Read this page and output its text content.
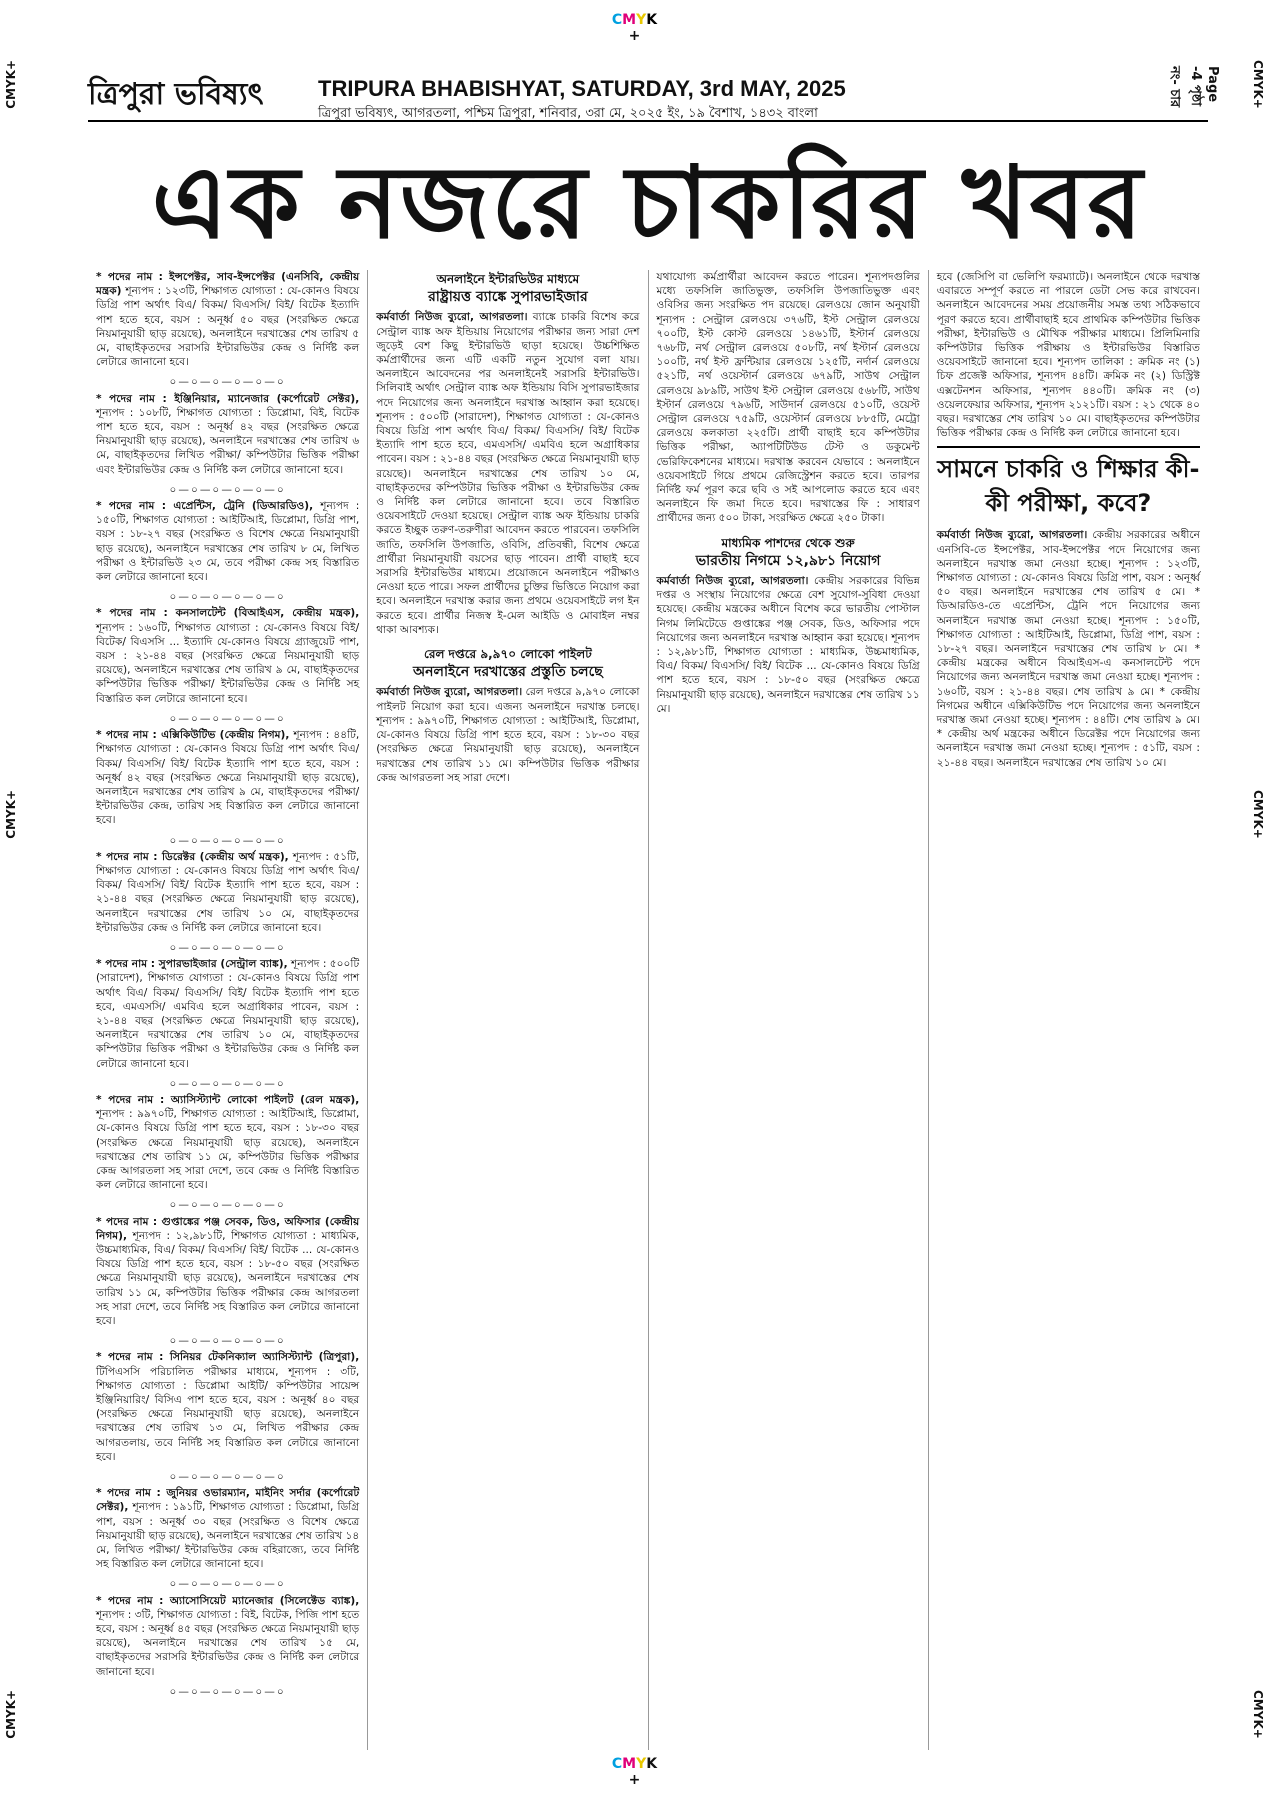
CMYK
+
CMYK+
CMYK+
CMYK+
CMYK+
CMYK+
CMYK+
ত্রিপুরা ভবিষ্যৎ TRIPURA BHABISHYAT, SATURDAY, 3rd MAY, 2025
ত্রিপুরা ভবিষ্যৎ, আগরতলা, পশ্চিম ত্রিপুরা, শনিবার, ৩রা মে, ২০২৫ ইং, ১৯ বৈশাখ, ১৪৩২ বাংলা
Page -4 পৃষ্ঠা নং- চার
এক নজরে চাকরির খবর
* পদের নাম : ইন্সপেক্টর, সাব-ইন্সপেক্টর (এনসিবি, কেন্দ্রীয় মন্ত্রক) শূন্যপদ : ১২৩টি, শিক্ষাগত যোগ্যতা : যে-কোনও বিষয়ে ডিগ্রি পাশ অর্থাৎ বিএ/ বিকম/ বিএসসি/ বিই/ বিটেক ইত্যাদি পাশ হতে হবে, বয়স : অনূর্ধ্ব ৫০ বছর (সংরক্ষিত ক্ষেত্রে নিয়মানুযায়ী ছাড় রয়েছে), অনলাইনে দরখাস্তের শেষ তারিখ ৫ মে, বাছাইকৃতদের সরাসরি ইন্টারভিউর কেন্দ্র ও নির্দিষ্ট কল লেটারে জানানো হবে।
০—০—০—০—০—০
* পদের নাম : ইঞ্জিনিয়ার, ম্যানেজার (কর্পোরেট সেক্টর), শূন্যপদ : ১০৮টি, শিক্ষাগত যোগ্যতা : ডিপ্লোমা, বিই, বিটেক পাশ হতে হবে, বয়স : অনূর্ধ্ব ৪২ বছর (সংরক্ষিত ক্ষেত্রে নিয়মানুযায়ী ছাড় রয়েছে), অনলাইনে দরখাস্তের শেষ তারিখ ৬ মে, বাছাইকৃতদের লিখিত পরীক্ষা/ কম্পিউটার ভিত্তিক পরীক্ষা এবং ইন্টারভিউর কেন্দ্র ও নির্দিষ্ট কল লেটারে জানানো হবে।
০—০—০—০—০—০
* পদের নাম : এপ্রেন্টিস, ট্রেনি (ডিআরডিও), শূন্যপদ : ১৫০টি, শিক্ষাগত যোগ্যতা : আইটিআই, ডিপ্লোমা, ডিগ্রি পাশ, বয়স : ১৮-২৭ বছর (সংরক্ষিত ও বিশেষ ক্ষেত্রে নিয়মানুযায়ী ছাড় রয়েছে), অনলাইনে দরখাস্তের শেষ তারিখ ৮ মে, লিখিত পরীক্ষা ও ইন্টারভিউ ২৩ মে, তবে পরীক্ষা কেন্দ্র সহ বিস্তারিত কল লেটারে জানানো হবে।
০—০—০—০—০—০
* পদের নাম : কনসালটেন্ট (বিআইএস, কেন্দ্রীয় মন্ত্রক), শূন্যপদ : ১৬০টি, শিক্ষাগত যোগ্যতা : যে-কোনও বিষয়ে বিই/ বিটেক/ বিএসসি ... ইত্যাদি যে-কোনও বিষয়ে গ্র্যাজুয়েট পাশ, বয়স : ২১-৪৪ বছর (সংরক্ষিত ক্ষেত্রে নিয়মানুযায়ী ছাড় রয়েছে), অনলাইনে দরখাস্তের শেষ তারিখ ৯ মে, বাছাইকৃতদের কম্পিউটার ভিত্তিক পরীক্ষা/ ইন্টারভিউর কেন্দ্র ও নির্দিষ্ট সহ বিস্তারিত কল লেটারে জানানো হবে।
০—০—০—০—০—০
* পদের নাম : এক্সিকিউটিভ (কেন্দ্রীয় নিগম), শূন্যপদ : ৪৪টি, শিক্ষাগত যোগ্যতা : যে-কোনও বিষয়ে ডিগ্রি পাশ অর্থাৎ বিএ/ বিকম/ বিএসসি/ বিই/ বিটেক ইত্যাদি পাশ হতে হবে, বয়স : অনূর্ধ্ব ৪২ বছর (সংরক্ষিত ক্ষেত্রে নিয়মানুযায়ী ছাড় রয়েছে), অনলাইনে দরখাস্তের শেষ তারিখ ৯ মে, বাছাইকৃতদের পরীক্ষা/ ইন্টারভিউর কেন্দ্র, তারিখ সহ বিস্তারিত কল লেটারে জানানো হবে।
০—০—০—০—০—০
* পদের নাম : ডিরেক্টর (কেন্দ্রীয় অর্থ মন্ত্রক), শূন্যপদ : ৫১টি, শিক্ষাগত যোগ্যতা : যে-কোনও বিষয়ে ডিগ্রি পাশ অর্থাৎ বিএ/ বিকম/ বিএসসি/ বিই/ বিটেক ইত্যাদি পাশ হতে হবে, বয়স : ২১-৪৪ বছর (সংরক্ষিত ক্ষেত্রে নিয়মানুযায়ী ছাড় রয়েছে), অনলাইনে দরখাস্তের শেষ তারিখ ১০ মে, বাছাইকৃতদের ইন্টারভিউর কেন্দ্র ও নির্দিষ্ট কল লেটারে জানানো হবে।
০—০—০—০—০—০
* পদের নাম : সুপারভাইজার (সেন্ট্রাল ব্যাঙ্ক), শূন্যপদ : ৫০০টি (সারাদেশ), শিক্ষাগত যোগ্যতা : যে-কোনও বিষয়ে ডিগ্রি পাশ অর্থাৎ বিএ/ বিকম/ বিএসসি/ বিই/ বিটেক ইত্যাদি পাশ হতে হবে, এমএসসি/ এমবিএ হলে অগ্রাধিকার পাবেন, বয়স : ২১-৪৪ বছর (সংরক্ষিত ক্ষেত্রে নিয়মানুযায়ী ছাড় রয়েছে), অনলাইনে দরখাস্তের শেষ তারিখ ১০ মে, বাছাইকৃতদের কম্পিউটার ভিত্তিক পরীক্ষা ও ইন্টারভিউর কেন্দ্র ও নির্দিষ্ট কল লেটারে জানানো হবে।
০—০—০—০—০—০
* পদের নাম : অ্যাসিস্ট্যান্ট লোকো পাইলট (রেল মন্ত্রক), শূন্যপদ : ৯৯৭০টি, শিক্ষাগত যোগ্যতা : আইটিআই, ডিপ্লোমা, যে-কোনও বিষয়ে ডিগ্রি পাশ হতে হবে, বয়স : ১৮-৩০ বছর (সংরক্ষিত ক্ষেত্রে নিয়মানুযায়ী ছাড় রয়েছে), অনলাইনে দরখাস্তের শেষ তারিখ ১১ মে, কম্পিউটার ভিত্তিক পরীক্ষার কেন্দ্র আগরতলা সহ সারা দেশে, তবে কেন্দ্র ও নির্দিষ্ট বিস্তারিত কল লেটারে জানানো হবে।
০—০—০—০—০—০
* পদের নাম : গুপ্তাঙ্কের পঞ্জ সেবক, ডিও, অফিসার (কেন্দ্রীয় নিগম), শূন্যপদ : ১২,৯৮১টি, শিক্ষাগত যোগ্যতা : মাধ্যমিক, উচ্চমাধ্যমিক, বিএ/ বিকম/ বিএসসি/ বিই/ বিটেক ... যে-কোনও বিষয়ে ডিগ্রি পাশ হতে হবে, বয়স : ১৮-৫০ বছর (সংরক্ষিত ক্ষেত্রে নিয়মানুযায়ী ছাড় রয়েছে), অনলাইনে দরখাস্তের শেষ তারিখ ১১ মে, কম্পিউটার ভিত্তিক পরীক্ষার কেন্দ্র আগরতলা সহ সারা দেশে, তবে নির্দিষ্ট সহ বিস্তারিত কল লেটারে জানানো হবে।
০—০—০—০—০—০
* পদের নাম : সিনিয়র টেকনিক্যাল অ্যাসিস্ট্যান্ট (ত্রিপুরা), টিপিএসসি পরিচালিত পরীক্ষার মাধ্যমে, শূন্যপদ : ৩টি, শিক্ষাগত যোগ্যতা : ডিপ্লোমা আইটি/ কম্পিউটার সায়েন্স ইঞ্জিনিয়ারিং/ বিসিএ পাশ হতে হবে, বয়স : অনূর্ধ্ব ৪০ বছর (সংরক্ষিত ক্ষেত্রে নিয়মানুযায়ী ছাড় রয়েছে), অনলাইনে দরখাস্তের শেষ তারিখ ১৩ মে, লিখিত পরীক্ষার কেন্দ্র আগরতলায়, তবে নির্দিষ্ট সহ বিস্তারিত কল লেটারে জানানো হবে।
০—০—০—০—০—০
* পদের নাম : জুনিয়র ওভারম্যান, মাইনিং সর্দার (কর্পোরেট সেক্টর), শূন্যপদ : ১৯১টি, শিক্ষাগত যোগ্যতা : ডিপ্লোমা, ডিগ্রি পাশ, বয়স : অনূর্ধ্ব ৩০ বছর (সংরক্ষিত ও বিশেষ ক্ষেত্রে নিয়মানুযায়ী ছাড় রয়েছে), অনলাইনে দরখাস্তের শেষ তারিখ ১৪ মে, লিখিত পরীক্ষা/ ইন্টারভিউর কেন্দ্র বহিরাজ্যে, তবে নির্দিষ্ট সহ বিস্তারিত কল লেটারে জানানো হবে।
০—০—০—০—০—০
* পদের নাম : অ্যাসোসিয়েট ম্যানেজার (সিলেক্টেড ব্যাঙ্ক), শূন্যপদ : ৩টি, শিক্ষাগত যোগ্যতা : বিই, বিটেক, পিজি পাশ হতে হবে, বয়স : অনূর্ধ্ব ৪৫ বছর (সংরক্ষিত ক্ষেত্রে নিয়মানুযায়ী ছাড় রয়েছে), অনলাইনে দরখাস্তের শেষ তারিখ ১৫ মে, বাছাইকৃতদের সরাসরি ইন্টারভিউর কেন্দ্র ও নির্দিষ্ট কল লেটারে জানানো হবে।
০—০—০—০—০—০
অনলাইনে ইন্টারভিউর মাধ্যমে
রাষ্ট্রায়ত্ত ব্যাঙ্কে সুপারভাইজার

কর্মবার্তা নিউজ ব্যুরো, আগরতলা। ব্যাঙ্কে চাকরি বিশেষ করে সেন্ট্রাল ব্যাঙ্ক অফ ইন্ডিয়ায় নিয়োগের পরীক্ষার জন্য সারা দেশ জুড়েই বেশ কিছু ইন্টারভিউ ছাড়া হয়েছে। উচ্চশিক্ষিত কর্মপ্রার্থীদের জন্য এটি একটি নতুন সুযোগ বলা যায়। অনলাইনে আবেদনের পর অনলাইনেই সরাসরি ইন্টারভিউ। সিলিবাই অর্থাৎ সেন্ট্রাল ব্যাঙ্ক অফ ইন্ডিয়ায় বিসি সুপারভাইজার পদে নিয়োগের জন্য অনলাইনে দরখাস্ত আহ্বান করা হয়েছে। শূন্যপদ : ৫০০টি (সারাদেশ), শিক্ষাগত যোগ্যতা : যে-কোনও বিষয়ে ডিগ্রি পাশ অর্থাৎ বিএ/ বিকম/ বিএসসি/ বিই/ বিটেক ইত্যাদি পাশ হতে হবে, এমএসসি/ এমবিএ হলে অগ্রাধিকার পাবেন। বয়স : ২১-৪৪ বছর (সংরক্ষিত ক্ষেত্রে নিয়মানুযায়ী ছাড় রয়েছে)। অনলাইনে দরখাস্তের শেষ তারিখ ১০ মে, বাছাইকৃতদের কম্পিউটার ভিত্তিক পরীক্ষা ও ইন্টারভিউর কেন্দ্র ও নির্দিষ্ট কল লেটারে জানানো হবে। তবে বিস্তারিত ওয়েবসাইটে দেওয়া হয়েছে। সেন্ট্রাল ব্যাঙ্ক অফ ইন্ডিয়ায় চাকরি করতে ইচ্ছুক তরুণ-তরুণীরা আবেদন করতে পারবেন। তফসিলি জাতি, তফসিলি উপজাতি, ওবিসি, প্রতিবন্ধী, বিশেষ ক্ষেত্রে প্রার্থীরা নিয়মানুযায়ী বয়সের ছাড় পাবেন। প্রার্থী বাছাই হবে সরাসরি ইন্টারভিউর মাধ্যমে। প্রয়োজনে অনলাইনে পরীক্ষাও নেওয়া হতে পারে। সফল প্রার্থীদের চুক্তির ভিত্তিতে নিয়োগ করা হবে। অনলাইনে দরখাস্ত করার জন্য প্রথমে ওয়েবসাইটে লগ ইন করতে হবে। প্রার্থীর নিজস্ব ই-মেল আইডি ও মোবাইল নম্বর থাকা আবশ্যক।

রেল দপ্তরে ৯,৯৭০ লোকো পাইলট
অনলাইনে দরখাস্তের প্রস্তুতি চলছে

কর্মবার্তা নিউজ ব্যুরো, আগরতলা। রেল দপ্তরে ৯,৯৭০ লোকো পাইলট নিয়োগ করা হবে। এজন্য অনলাইনে দরখাস্ত চলছে। শূন্যপদ : ৯৯৭০টি, শিক্ষাগত যোগ্যতা : আইটিআই, ডিপ্লোমা, যে-কোনও বিষয়ে ডিগ্রি পাশ হতে হবে, বয়স : ১৮-৩০ বছর (সংরক্ষিত ক্ষেত্রে নিয়মানুযায়ী ছাড় রয়েছে), অনলাইনে দরখাস্তের শেষ তারিখ ১১ মে। কম্পিউটার ভিত্তিক পরীক্ষার কেন্দ্র আগরতলা সহ সারা দেশে।

যথাযোগ্য কর্মপ্রার্থীরা আবেদন করতে পারেন। শূন্যপদগুলির মধ্যে তফসিলি জাতিভুক্ত, তফসিলি উপজাতিভুক্ত এবং ওবিসির জন্য সংরক্ষিত পদ রয়েছে। রেলওয়ে জোন অনুযায়ী শূন্যপদ : সেন্ট্রাল রেলওয়ে ৩৭৬টি, ইস্ট সেন্ট্রাল রেলওয়ে ৭০০টি, ইস্ট কোস্ট রেলওয়ে ১৪৬১টি, ইস্টার্ন রেলওয়ে ৭৬৮টি, নর্থ সেন্ট্রাল রেলওয়ে ৫০৮টি, নর্থ ইস্টার্ন রেলওয়ে ১০০টি, নর্থ ইস্ট ফ্রন্টিয়ার রেলওয়ে ১২৫টি, নর্দার্ন রেলওয়ে ৫২১টি, নর্থ ওয়েস্টার্ন রেলওয়ে ৬৭৯টি, সাউথ সেন্ট্রাল রেলওয়ে ৯৮৯টি, সাউথ ইস্ট সেন্ট্রাল রেলওয়ে ৫৬৮টি, সাউথ ইস্টার্ন রেলওয়ে ৭৯৬টি, সাউদার্ন রেলওয়ে ৫১০টি, ওয়েস্ট সেন্ট্রাল রেলওয়ে ৭৫৯টি, ওয়েস্টার্ন রেলওয়ে ৮৮৫টি, মেট্রো রেলওয়ে কলকাতা ২২৫টি। প্রার্থী বাছাই হবে কম্পিউটার ভিত্তিক পরীক্ষা, অ্যাপটিটিউড টেস্ট ও ডকুমেন্ট ভেরিফিকেশনের মাধ্যমে। দরখাস্ত করবেন যেভাবে : অনলাইনে ওয়েবসাইটে গিয়ে প্রথমে রেজিস্ট্রেশন করতে হবে। তারপর নির্দিষ্ট ফর্ম পূরণ করে ছবি ও সই আপলোড করতে হবে এবং অনলাইনে ফি জমা দিতে হবে। দরখাস্তের ফি : সাধারণ প্রার্থীদের জন্য ৫০০ টাকা, সংরক্ষিত ক্ষেত্রে ২৫০ টাকা।

মাধ্যমিক পাশদের থেকে শুরু
ভারতীয় নিগমে ১২,৯৮১ নিয়োগ

কর্মবার্তা নিউজ ব্যুরো, আগরতলা। কেন্দ্রীয় সরকারের বিভিন্ন দপ্তর ও সংস্থায় নিয়োগের ক্ষেত্রে বেশ সুযোগ-সুবিধা দেওয়া হয়েছে। কেন্দ্রীয় মন্ত্রকের অধীনে বিশেষ করে ভারতীয় পোস্টাল নিগম লিমিটেডে গুপ্তাঙ্কের পঞ্জ সেবক, ডিও, অফিসার পদে নিয়োগের জন্য অনলাইনে দরখাস্ত আহ্বান করা হয়েছে। শূন্যপদ : ১২,৯৮১টি, শিক্ষাগত যোগ্যতা : মাধ্যমিক, উচ্চমাধ্যমিক, বিএ/ বিকম/ বিএসসি/ বিই/ বিটেক ... যে-কোনও বিষয়ে ডিগ্রি পাশ হতে হবে, বয়স : ১৮-৫০ বছর (সংরক্ষিত ক্ষেত্রে নিয়মানুযায়ী ছাড় রয়েছে), অনলাইনে দরখাস্তের শেষ তারিখ ১১ মে।

হবে (জেসিপি বা ভেলিপি ফরম্যাটে)। অনলাইনে থেকে দরখাস্ত এবারতে সম্পূর্ণ করতে না পারলে ডেটা সেভ করে রাখবেন। অনলাইনে আবেদনের সময় প্রয়োজনীয় সমস্ত তথ্য সঠিকভাবে পূরণ করতে হবে। প্রার্থীবাছাই হবে প্রাথমিক কম্পিউটার ভিত্তিক পরীক্ষা, ইন্টারভিউ ও মৌখিক পরীক্ষার মাধ্যমে। প্রিলিমিনারি কম্পিউটার ভিত্তিক পরীক্ষায় ও ইন্টারভিউর বিস্তারিত ওয়েবসাইটে জানানো হবে। শূন্যপদ তালিকা : ক্রমিক নং (১) চিফ প্রজেক্ট অফিসার, শূন্যপদ ৪৪টি। ক্রমিক নং (২) ডিস্ট্রিক্ট এক্সটেনশন অফিসার, শূন্যপদ ৪৪০টি। ক্রমিক নং (৩) ওয়েলফেয়ার অফিসার, শূন্যপদ ২১২১টি। বয়স : ২১ থেকে ৪০ বছর। দরখাস্তের শেষ তারিখ ১০ মে। বাছাইকৃতদের কম্পিউটার ভিত্তিক পরীক্ষার কেন্দ্র ও নির্দিষ্ট কল লেটারে জানানো হবে।

সামনে চাকরি ও শিক্ষার কী-কী পরীক্ষা, কবে?

কর্মবার্তা নিউজ ব্যুরো, আগরতলা। কেন্দ্রীয় সরকারের অধীনে এনসিবি-তে ইন্সপেক্টর, সাব-ইন্সপেক্টর পদে নিয়োগের জন্য অনলাইনে দরখাস্ত জমা নেওয়া হচ্ছে। শূন্যপদ : ১২৩টি, শিক্ষাগত যোগ্যতা : যে-কোনও বিষয়ে ডিগ্রি পাশ, বয়স : অনূর্ধ্ব ৫০ বছর। অনলাইনে দরখাস্তের শেষ তারিখ ৫ মে। * ডিআরডিও-তে এপ্রেন্টিস, ট্রেনি পদে নিয়োগের জন্য অনলাইনে দরখাস্ত জমা নেওয়া হচ্ছে। শূন্যপদ : ১৫০টি, শিক্ষাগত যোগ্যতা : আইটিআই, ডিপ্লোমা, ডিগ্রি পাশ, বয়স : ১৮-২৭ বছর। অনলাইনে দরখাস্তের শেষ তারিখ ৮ মে। * কেন্দ্রীয় মন্ত্রকের অধীনে বিআইএস-এ কনসালটেন্ট পদে নিয়োগের জন্য অনলাইনে দরখাস্ত জমা নেওয়া হচ্ছে। শূন্যপদ : ১৬০টি, বয়স : ২১-৪৪ বছর। শেষ তারিখ ৯ মে। * কেন্দ্রীয় নিগমের অধীনে এক্সিকিউটিভ পদে নিয়োগের জন্য অনলাইনে দরখাস্ত জমা নেওয়া হচ্ছে। শূন্যপদ : ৪৪টি। শেষ তারিখ ৯ মে। * কেন্দ্রীয় অর্থ মন্ত্রকের অধীনে ডিরেক্টর পদে নিয়োগের জন্য অনলাইনে দরখাস্ত জমা নেওয়া হচ্ছে। শূন্যপদ : ৫১টি, বয়স : ২১-৪৪ বছর। অনলাইনে দরখাস্তের শেষ তারিখ ১০ মে।

CMYK
+
